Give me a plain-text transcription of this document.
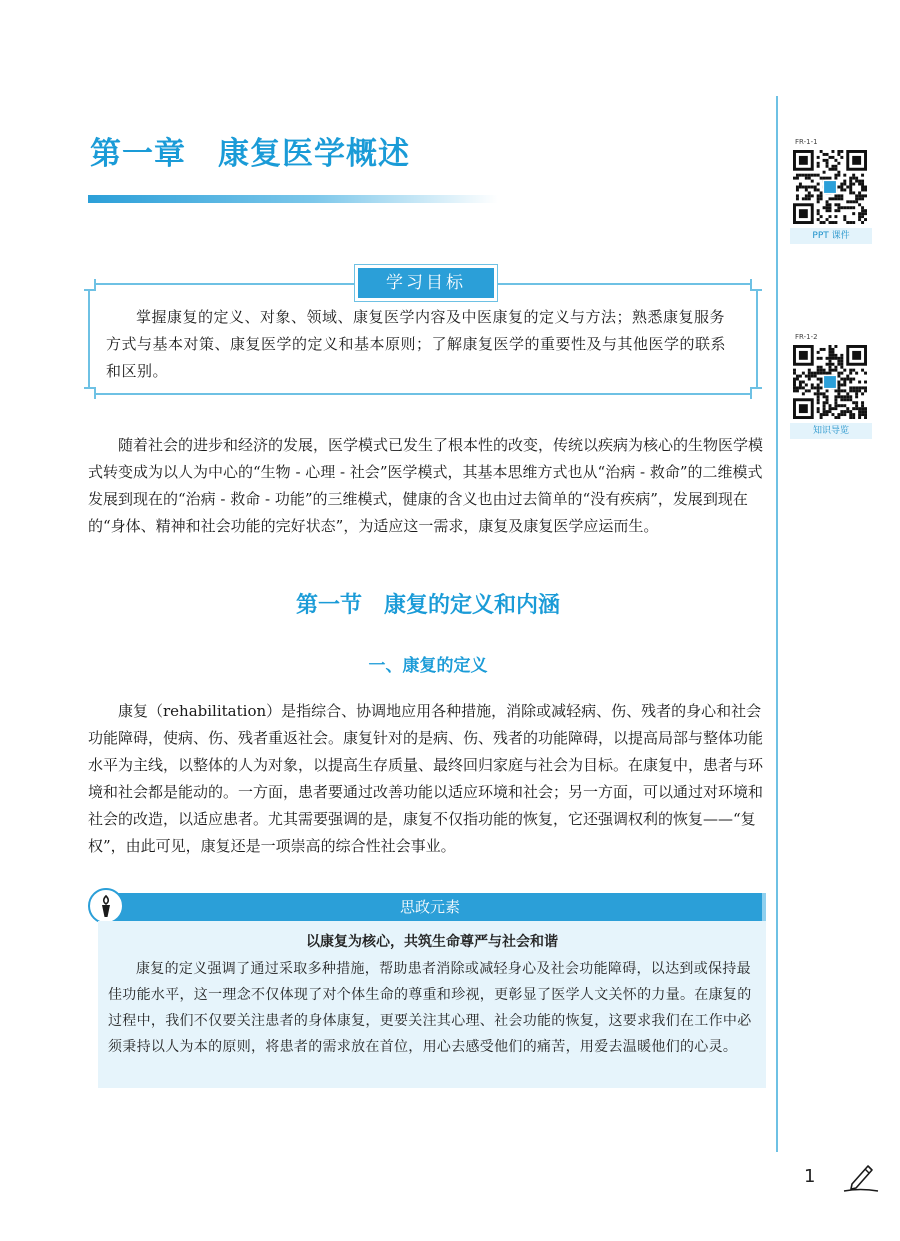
第一章　康复医学概述	FR-1-1
PPT 课件
FR-1-2
知识导览
学习目标

掌握康复的定义、对象、领域、康复医学内容及中医康复的定义与方法；熟悉康复服务方式与基本对策、康复医学的定义和基本原则；了解康复医学的重要性及与其他医学的联系和区别。

随着社会的进步和经济的发展，医学模式已发生了根本性的改变，传统以疾病为核心的生物医学模式转变成为以人为中心的“生物 - 心理 - 社会”医学模式，其基本思维方式也从“治病 - 救命”的二维模式发展到现在的“治病 - 救命 - 功能”的三维模式，健康的含义也由过去简单的“没有疾病”，发展到现在的“身体、精神和社会功能的完好状态”，为适应这一需求，康复及康复医学应运而生。

第一节　康复的定义和内涵
一、康复的定义

康复（rehabilitation）是指综合、协调地应用各种措施，消除或减轻病、伤、残者的身心和社会功能障碍，使病、伤、残者重返社会。康复针对的是病、伤、残者的功能障碍，以提高局部与整体功能水平为主线，以整体的人为对象，以提高生存质量、最终回归家庭与社会为目标。在康复中，患者与环境和社会都是能动的。一方面，患者要通过改善功能以适应环境和社会；另一方面，可以通过对环境和社会的改造，以适应患者。尤其需要强调的是，康复不仅指功能的恢复，它还强调权利的恢复——“复权”，由此可见，康复还是一项崇高的综合性社会事业。

思政元素

以康复为核心，共筑生命尊严与社会和谐

康复的定义强调了通过采取多种措施，帮助患者消除或减轻身心及社会功能障碍，以达到或保持最佳功能水平，这一理念不仅体现了对个体生命的尊重和珍视，更彰显了医学人文关怀的力量。在康复的过程中，我们不仅要关注患者的身体康复，更要关注其心理、社会功能的恢复，这要求我们在工作中必须秉持以人为本的原则，将患者的需求放在首位，用心去感受他们的痛苦，用爱去温暖他们的心灵。

1
